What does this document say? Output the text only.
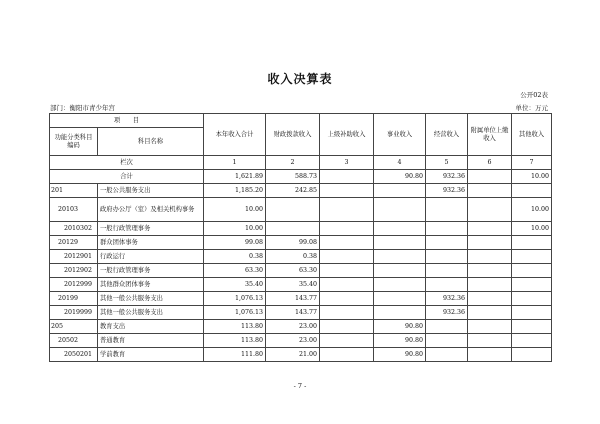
收入决算表
公开02表
部门：衡阳市青少年宫	单位：万元
项　　目		本年收入合计	财政拨款收入	上级补助收入	事业收入	经营收入	附属单位上缴收入	其他收入
功能分类科目编码	科目名称							
栏次		1	2	3	4	5	6	7
合计		1,621.89	588.73		90.80	932.36		10.00
201	一般公共服务支出	1,185.20	242.85			932.36		
20103	政府办公厅（室）及相关机构事务	10.00						10.00
2010302	一般行政管理事务	10.00						10.00
20129	群众团体事务	99.08	99.08					
2012901	行政运行	0.38	0.38					
2012902	一般行政管理事务	63.30	63.30					
2012999	其他群众团体事务	35.40	35.40					
20199	其他一般公共服务支出	1,076.13	143.77			932.36		
2019999	其他一般公共服务支出	1,076.13	143.77			932.36		
205	教育支出	113.80	23.00		90.80			
20502	普通教育	113.80	23.00		90.80			
2050201	学前教育	111.80	21.00		90.80			
- 7 -
